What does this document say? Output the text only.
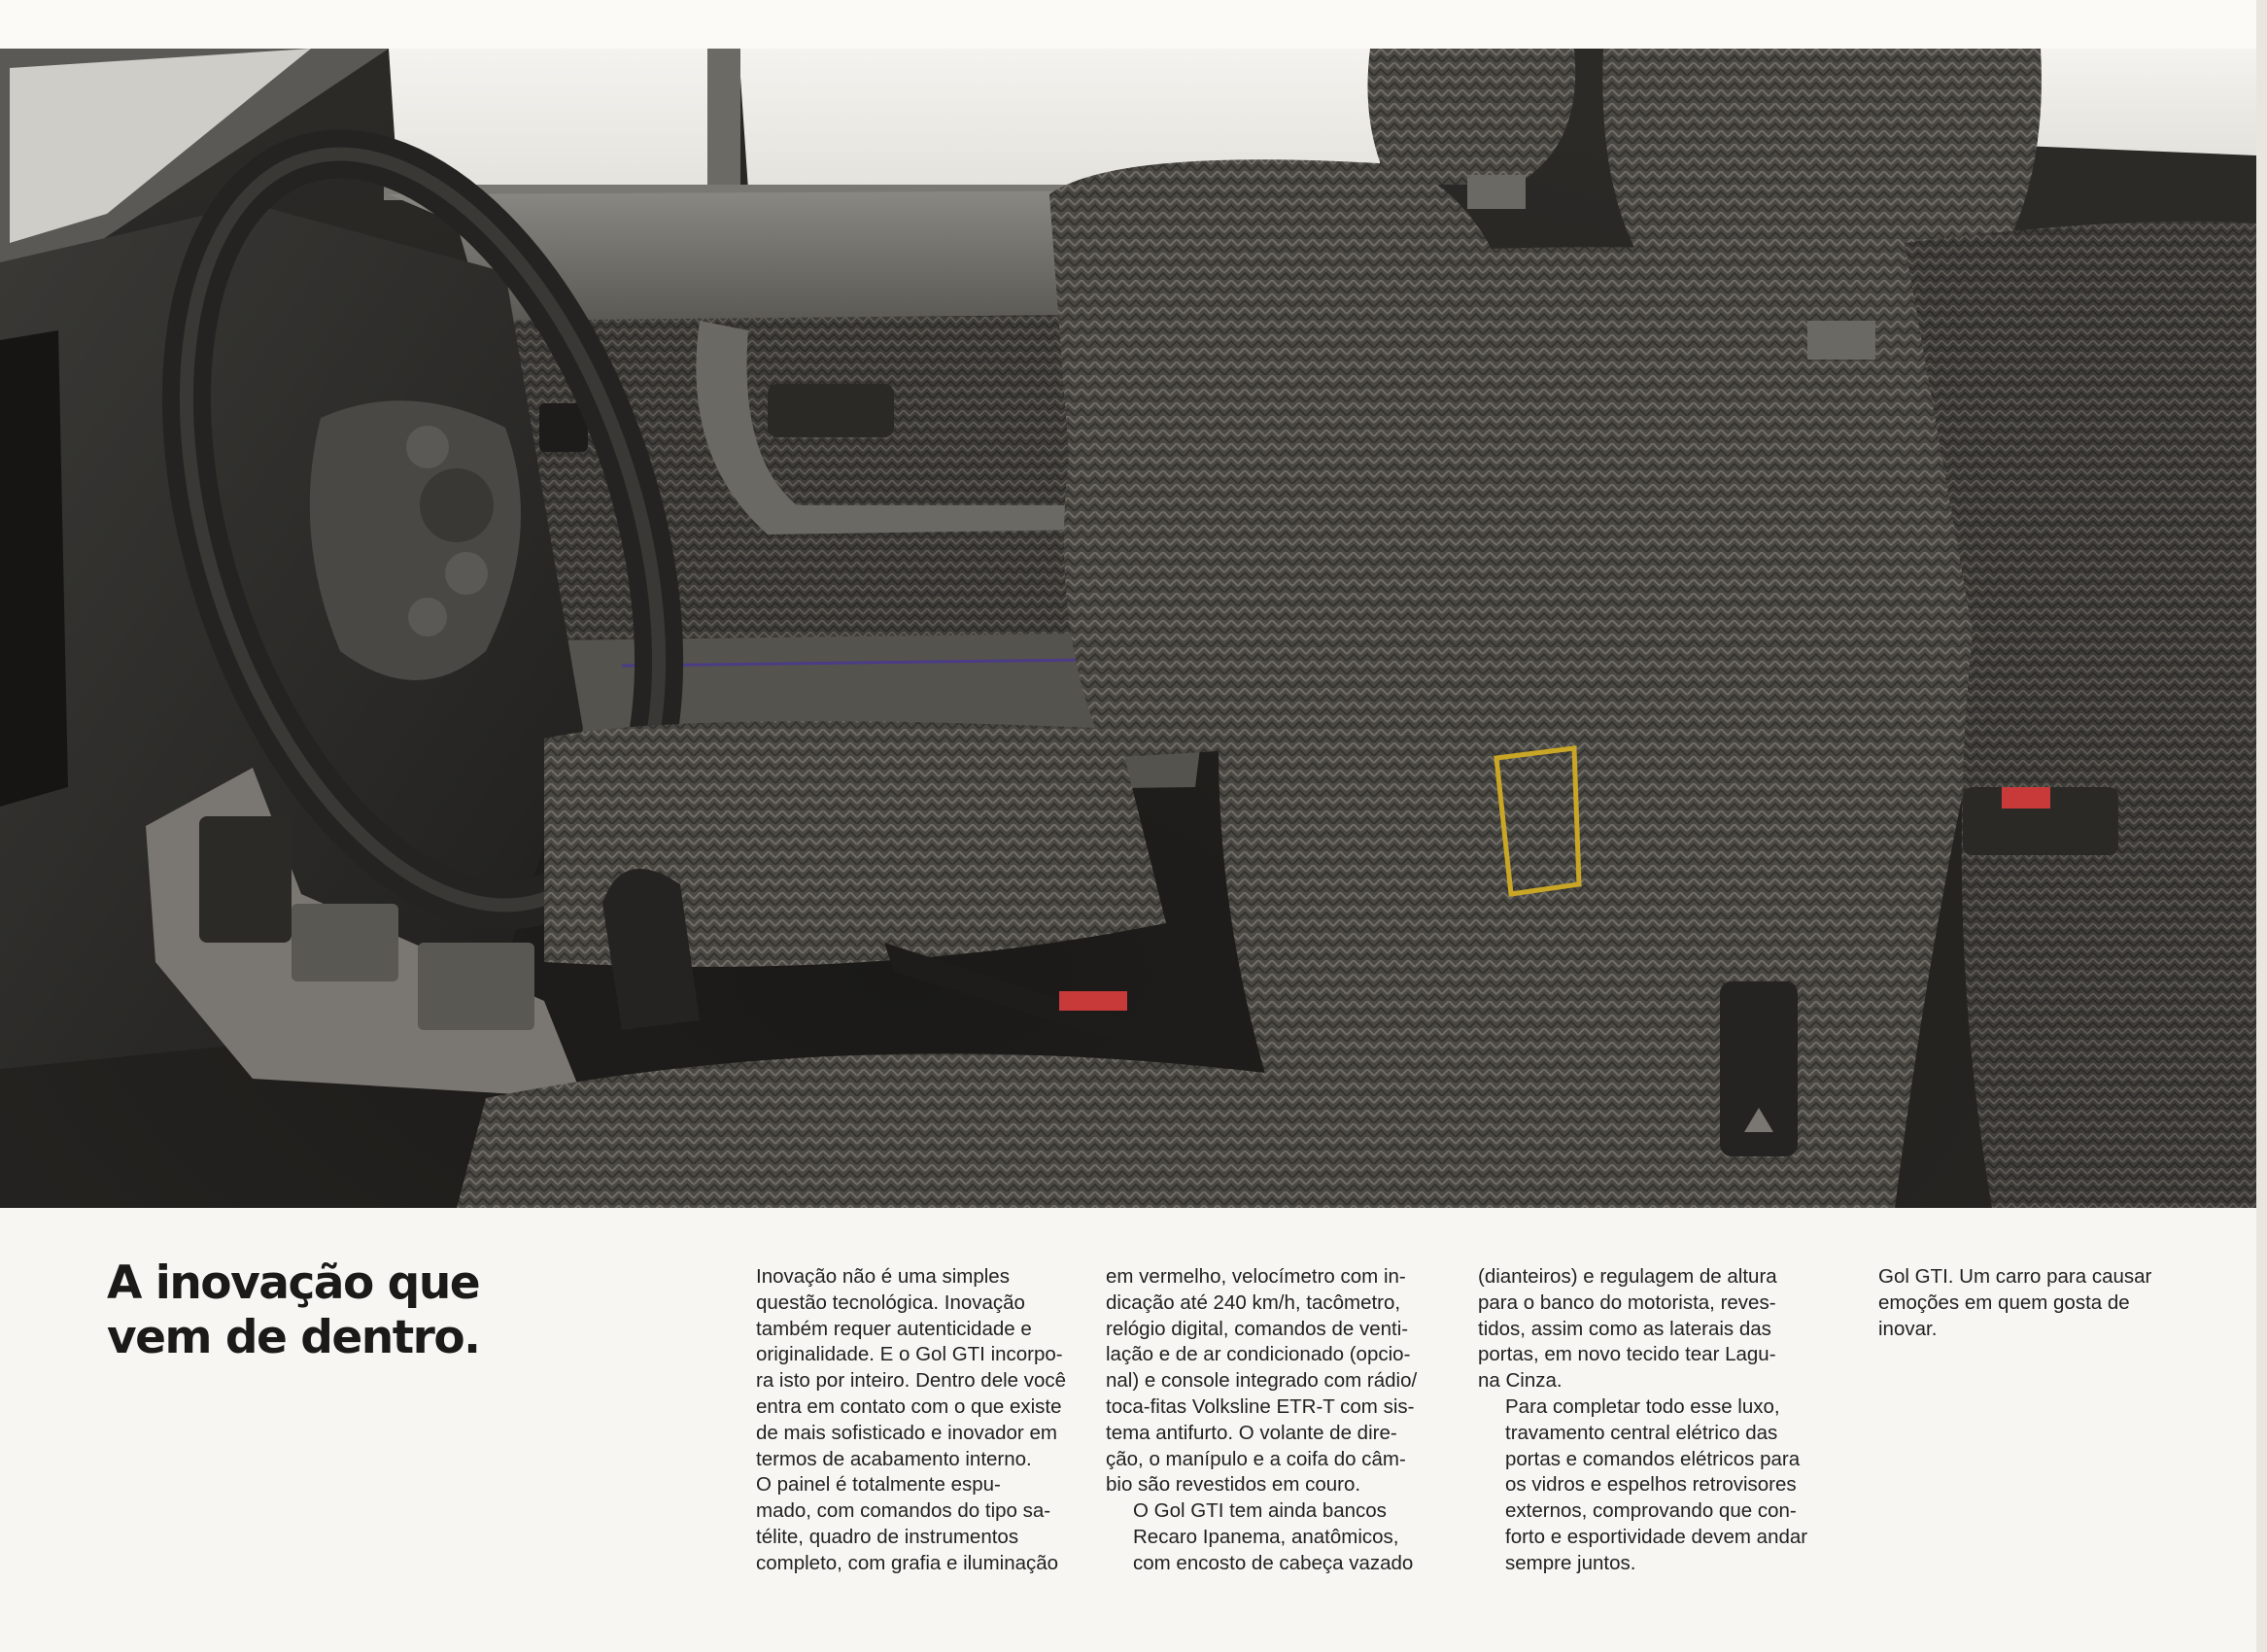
A inovação que
vem de dentro.

Inovação não é uma simples
questão tecnológica. Inovação
também requer autenticidade e
originalidade. E o Gol GTI incorpo-
ra isto por inteiro. Dentro dele você
entra em contato com o que existe
de mais sofisticado e inovador em
termos de acabamento interno.

O painel é totalmente espu-
mado, com comandos do tipo sa-
télite, quadro de instrumentos
completo, com grafia e iluminação

em vermelho, velocímetro com in-
dicação até 240 km/h, tacômetro,
relógio digital, comandos de venti-
lação e de ar condicionado (opcio-
nal) e console integrado com rádio/
toca-fitas Volksline ETR-T com sis-
tema antifurto. O volante de dire-
ção, o manípulo e a coifa do câm-
bio são revestidos em couro.

O Gol GTI tem ainda bancos
Recaro Ipanema, anatômicos,
com encosto de cabeça vazado

(dianteiros) e regulagem de altura
para o banco do motorista, reves-
tidos, assim como as laterais das
portas, em novo tecido tear Lagu-
na Cinza.

Para completar todo esse luxo,
travamento central elétrico das
portas e comandos elétricos para
os vidros e espelhos retrovisores
externos, comprovando que con-
forto e esportividade devem andar
sempre juntos.

Gol GTI. Um carro para causar
emoções em quem gosta de
inovar.
